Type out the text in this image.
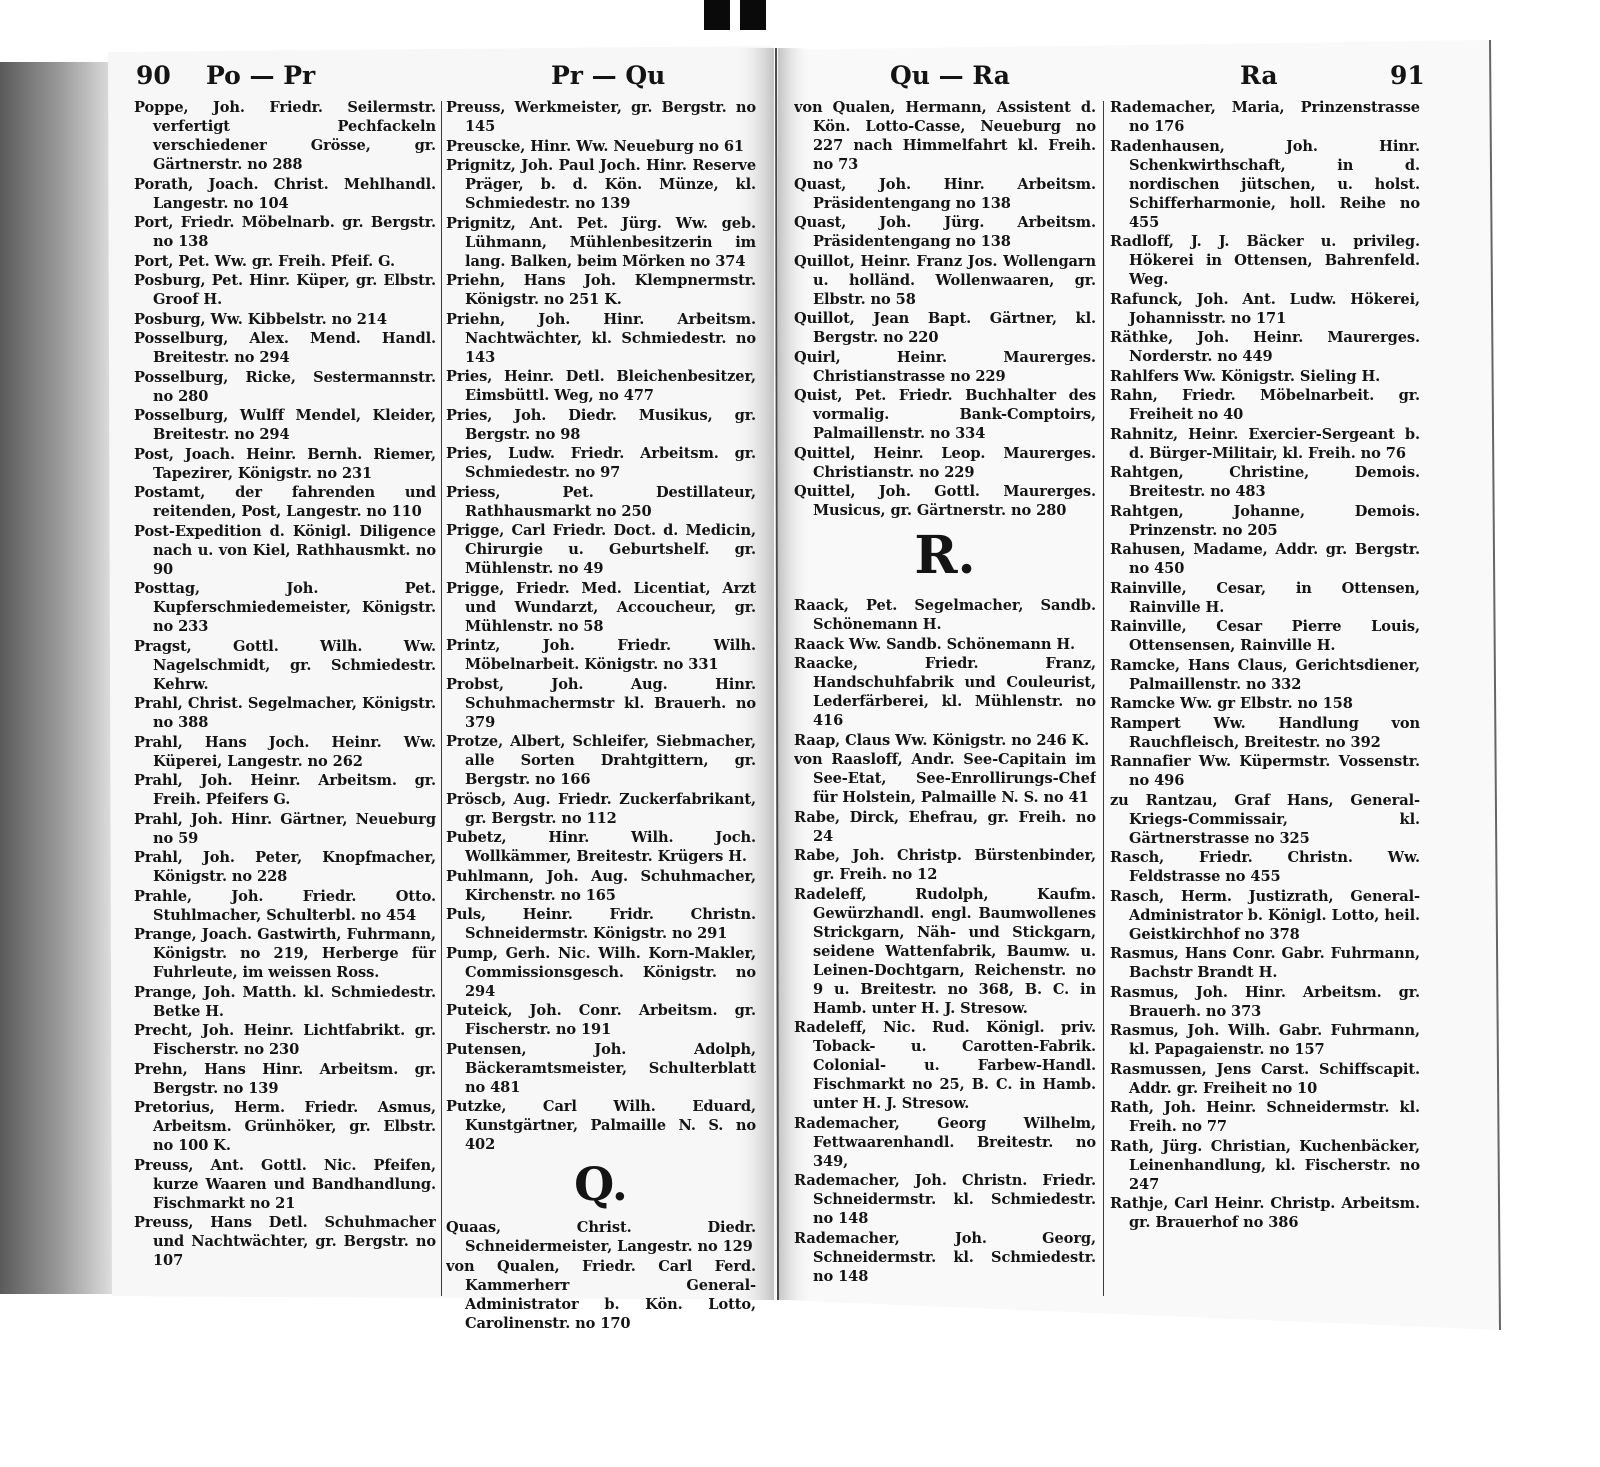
90 Po — Pr	Pr — Qu
Poppe, Joh. Friedr. Seilermstr. verfertigt Pechfackeln verschiedener Grösse, gr. Gärtnerstr. no 288
Porath, Joach. Christ. Mehlhandl. Langestr. no 104
Port, Friedr. Möbelnarb. gr. Bergstr. no 138
Port, Pet. Ww. gr. Freih. Pfeif. G.
Posburg, Pet. Hinr. Küper, gr. Elbstr. Groof H.
Posburg, Ww. Kibbelstr. no 214
Posselburg, Alex. Mend. Handl. Breitestr. no 294
Posselburg, Ricke, Sestermannstr. no 280
Posselburg, Wulff Mendel, Kleider, Breitestr. no 294
Post, Joach. Heinr. Bernh. Riemer, Tapezirer, Königstr. no 231
Postamt, der fahrenden und reitenden, Post, Langestr. no 110
Post-Expedition d. Königl. Diligence nach u. von Kiel, Rathhausmkt. no 90
Posttag, Joh. Pet. Kupferschmiedemeister, Königstr. no 233
Pragst, Gottl. Wilh. Ww. Nagelschmidt, gr. Schmiedestr. Kehrw.
Prahl, Christ. Segelmacher, Königstr. no 388
Prahl, Hans Joch. Heinr. Ww. Küperei, Langestr. no 262
Prahl, Joh. Heinr. Arbeitsm. gr. Freih. Pfeifers G.
Prahl, Joh. Hinr. Gärtner, Neueburg no 59
Prahl, Joh. Peter, Knopfmacher, Königstr. no 228
Prahle, Joh. Friedr. Otto. Stuhlmacher, Schulterbl. no 454
Prange, Joach. Gastwirth, Fuhrmann, Königstr. no 219, Herberge für Fuhrleute, im weissen Ross.
Prange, Joh. Matth. kl. Schmiedestr. Betke H.
Precht, Joh. Heinr. Lichtfabrikt. gr. Fischerstr. no 230
Prehn, Hans Hinr. Arbeitsm. gr. Bergstr. no 139
Pretorius, Herm. Friedr. Asmus, Arbeitsm. Grünhöker, gr. Elbstr. no 100 K.
Preuss, Ant. Gottl. Nic. Pfeifen, kurze Waaren und Bandhandlung. Fischmarkt no 21
Preuss, Hans Detl. Schuhmacher und Nachtwächter, gr. Bergstr. no 107
Preuss, Werkmeister, gr. Bergstr. no 145
Preuscke, Hinr. Ww. Neueburg no 61
Prignitz, Joh. Paul Joch. Hinr. Reserve Präger, b. d. Kön. Münze, kl. Schmiedestr. no 139
Prignitz, Ant. Pet. Jürg. Ww. geb. Lühmann, Mühlenbesitzerin im lang. Balken, beim Mörken no 374
Priehn, Hans Joh. Klempnermstr. Königstr. no 251 K.
Priehn, Joh. Hinr. Arbeitsm. Nachtwächter, kl. Schmiedestr. no 143
Pries, Heinr. Detl. Bleichenbesitzer, Eimsbüttl. Weg, no 477
Pries, Joh. Diedr. Musikus, gr. Bergstr. no 98
Pries, Ludw. Friedr. Arbeitsm. gr. Schmiedestr. no 97
Priess, Pet. Destillateur, Rathhausmarkt no 250
Prigge, Carl Friedr. Doct. d. Medicin, Chirurgie u. Geburtshelf. gr. Mühlenstr. no 49
Prigge, Friedr. Med. Licentiat, Arzt und Wundarzt, Accoucheur, gr. Mühlenstr. no 58
Printz, Joh. Friedr. Wilh. Möbelnarbeit. Königstr. no 331
Probst, Joh. Aug. Hinr. Schuhmachermstr kl. Brauerh. no 379
Protze, Albert, Schleifer, Siebmacher, alle Sorten Drahtgittern, gr. Bergstr. no 166
Pröscb, Aug. Friedr. Zuckerfabrikant, gr. Bergstr. no 112
Pubetz, Hinr. Wilh. Joch. Wollkämmer, Breitestr. Krügers H.
Puhlmann, Joh. Aug. Schuhmacher, Kirchenstr. no 165
Puls, Heinr. Fridr. Christn. Schneidermstr. Königstr. no 291
Pump, Gerh. Nic. Wilh. Korn-Makler, Commissionsgesch. Königstr. no 294
Puteick, Joh. Conr. Arbeitsm. gr. Fischerstr. no 191
Putensen, Joh. Adolph, Bäckeramtsmeister, Schulterblatt no 481
Putzke, Carl Wilh. Eduard, Kunstgärtner, Palmaille N. S. no 402
Q.
Quaas, Christ. Diedr. Schneidermeister, Langestr. no 129
von Qualen, Friedr. Carl Ferd. Kammerherr General-Administrator b. Kön. Lotto, Carolinenstr. no 170
Qu — Ra	Ra	91
von Qualen, Hermann, Assistent d. Kön. Lotto-Casse, Neueburg no 227 nach Himmelfahrt kl. Freih. no 73
Quast, Joh. Hinr. Arbeitsm. Präsidentengang no 138
Quast, Joh. Jürg. Arbeitsm. Präsidentengang no 138
Quillot, Heinr. Franz Jos. Wollengarn u. holländ. Wollenwaaren, gr. Elbstr. no 58
Quillot, Jean Bapt. Gärtner, kl. Bergstr. no 220
Quirl, Heinr. Maurerges. Christianstrasse no 229
Quist, Pet. Friedr. Buchhalter des vormalig. Bank-Comptoirs, Palmaillenstr. no 334
Quittel, Heinr. Leop. Maurerges. Christianstr. no 229
Quittel, Joh. Gottl. Maurerges. Musicus, gr. Gärtnerstr. no 280
R.
Raack, Pet. Segelmacher, Sandb. Schönemann H.
Raack Ww. Sandb. Schönemann H.
Raacke, Friedr. Franz, Handschuhfabrik und Couleurist, Lederfärberei, kl. Mühlenstr. no 416
Raap, Claus Ww. Königstr. no 246 K.
von Raasloff, Andr. See-Capitain im See-Etat, See-Enrollirungs-Chef für Holstein, Palmaille N. S. no 41
Rabe, Dirck, Ehefrau, gr. Freih. no 24
Rabe, Joh. Christp. Bürstenbinder, gr. Freih. no 12
Radeleff, Rudolph, Kaufm. Gewürzhandl. engl. Baumwollenes Strickgarn, Näh- und Stickgarn, seidene Wattenfabrik, Baumw. u. Leinen-Dochtgarn, Reichenstr. no 9 u. Breitestr. no 368, B. C. in Hamb. unter H. J. Stresow.
Radeleff, Nic. Rud. Königl. priv. Toback- u. Carotten-Fabrik. Colonial- u. Farbew-Handl. Fischmarkt no 25, B. C. in Hamb. unter H. J. Stresow.
Rademacher, Georg Wilhelm, Fettwaarenhandl. Breitestr. no 349,
Rademacher, Joh. Christn. Friedr. Schneidermstr. kl. Schmiedestr. no 148
Rademacher, Joh. Georg, Schneidermstr. kl. Schmiedestr. no 148
Rademacher, Maria, Prinzenstrasse no 176
Radenhausen, Joh. Hinr. Schenkwirthschaft, in d. nordischen jütschen, u. holst. Schifferharmonie, holl. Reihe no 455
Radloff, J. J. Bäcker u. privileg. Hökerei in Ottensen, Bahrenfeld. Weg.
Rafunck, Joh. Ant. Ludw. Hökerei, Johannisstr. no 171
Räthke, Joh. Heinr. Maurerges. Norderstr. no 449
Rahlfers Ww. Königstr. Sieling H.
Rahn, Friedr. Möbelnarbeit. gr. Freiheit no 40
Rahnitz, Heinr. Exercier-Sergeant b. d. Bürger-Militair, kl. Freih. no 76
Rahtgen, Christine, Demois. Breitestr. no 483
Rahtgen, Johanne, Demois. Prinzenstr. no 205
Rahusen, Madame, Addr. gr. Bergstr. no 450
Rainville, Cesar, in Ottensen, Rainville H.
Rainville, Cesar Pierre Louis, Ottensensen, Rainville H.
Ramcke, Hans Claus, Gerichtsdiener, Palmaillenstr. no 332
Ramcke Ww. gr Elbstr. no 158
Rampert Ww. Handlung von Rauchfleisch, Breitestr. no 392
Rannafier Ww. Küpermstr. Vossenstr. no 496
zu Rantzau, Graf Hans, General-Kriegs-Commissair, kl. Gärtnerstrasse no 325
Rasch, Friedr. Christn. Ww. Feldstrasse no 455
Rasch, Herm. Justizrath, General-Administrator b. Königl. Lotto, heil. Geistkirchhof no 378
Rasmus, Hans Conr. Gabr. Fuhrmann, Bachstr Brandt H.
Rasmus, Joh. Hinr. Arbeitsm. gr. Brauerh. no 373
Rasmus, Joh. Wilh. Gabr. Fuhrmann, kl. Papagaienstr. no 157
Rasmussen, Jens Carst. Schiffscapit. Addr. gr. Freiheit no 10
Rath, Joh. Heinr. Schneidermstr. kl. Freih. no 77
Rath, Jürg. Christian, Kuchenbäcker, Leinenhandlung, kl. Fischerstr. no 247
Rathje, Carl Heinr. Christp. Arbeitsm. gr. Brauerhof no 386
